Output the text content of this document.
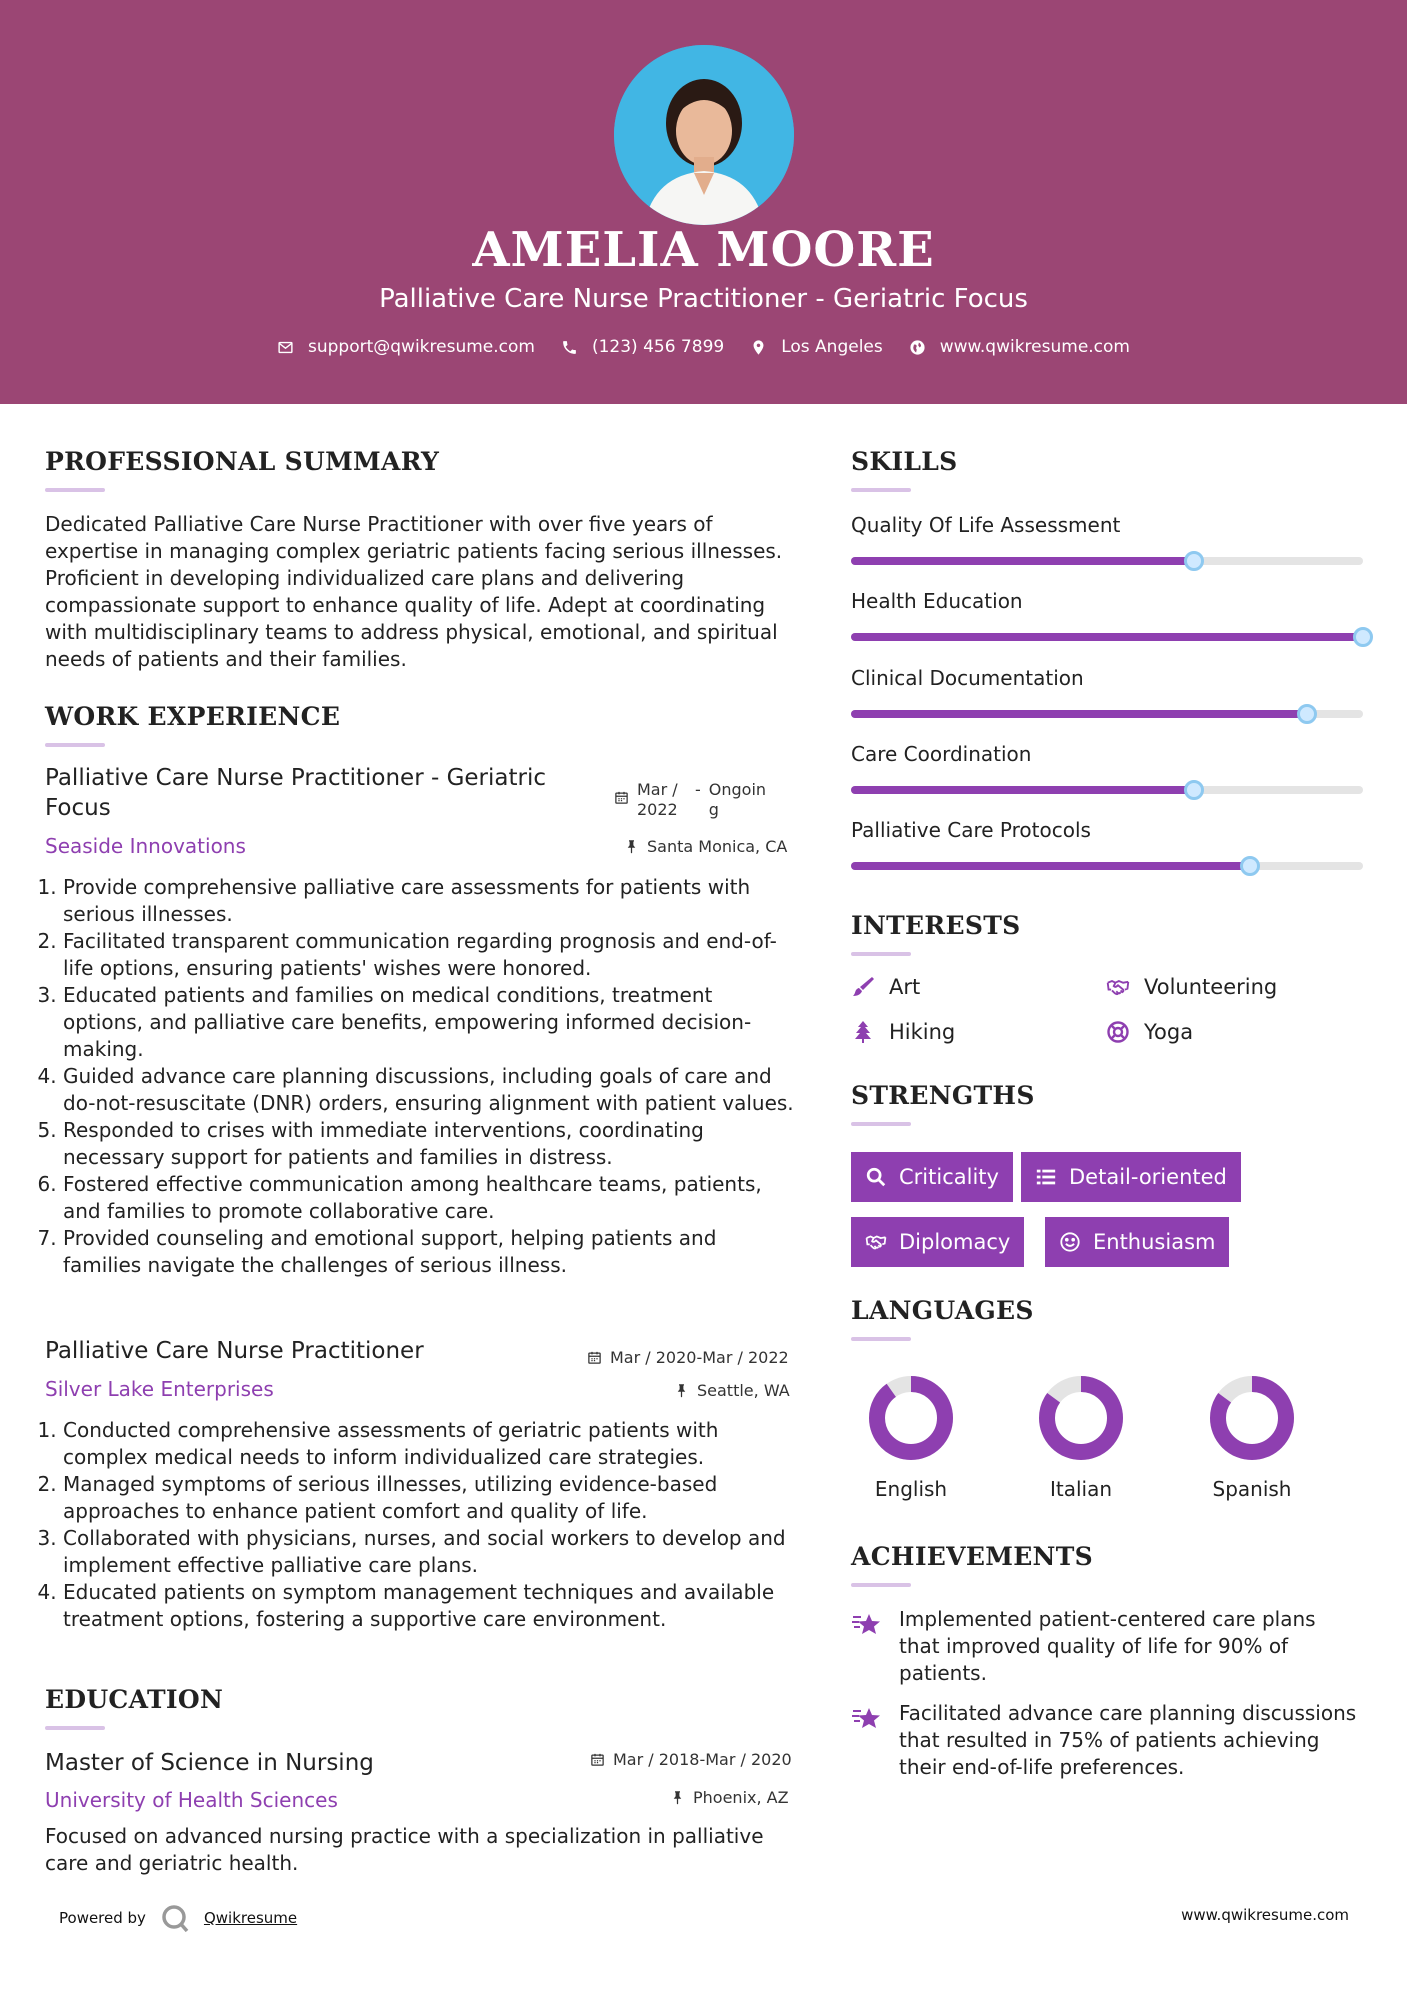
AMELIA MOORE
Palliative Care Nurse Practitioner - Geriatric Focus
support@qwikresume.com	(123) 456 7899	Los Angeles	www.qwikresume.com
PROFESSIONAL SUMMARY
Dedicated Palliative Care Nurse Practitioner with over five years of expertise in managing complex geriatric patients facing serious illnesses. Proficient in developing individualized care plans and delivering compassionate support to enhance quality of life. Adept at coordinating with multidisciplinary teams to address physical, emotional, and spiritual needs of patients and their families.
WORK EXPERIENCE
Palliative Care Nurse Practitioner - Geriatric Focus
Mar / 2022
- Ongoing
Seaside Innovations	Santa Monica, CA
1. Provide comprehensive palliative care assessments for patients with serious illnesses.
2. Facilitated transparent communication regarding prognosis and end-of-life options, ensuring patients' wishes were honored.
3. Educated patients and families on medical conditions, treatment options, and palliative care benefits, empowering informed decision-making.
4. Guided advance care planning discussions, including goals of care and do-not-resuscitate (DNR) orders, ensuring alignment with patient values.
5. Responded to crises with immediate interventions, coordinating necessary support for patients and families in distress.
6. Fostered effective communication among healthcare teams, patients, and families to promote collaborative care.
7. Provided counseling and emotional support, helping patients and families navigate the challenges of serious illness.
Palliative Care Nurse Practitioner	Mar / 2020-Mar / 2022
Silver Lake Enterprises	Seattle, WA
1. Conducted comprehensive assessments of geriatric patients with complex medical needs to inform individualized care strategies.
2. Managed symptoms of serious illnesses, utilizing evidence-based approaches to enhance patient comfort and quality of life.
3. Collaborated with physicians, nurses, and social workers to develop and implement effective palliative care plans.
4. Educated patients on symptom management techniques and available treatment options, fostering a supportive care environment.
EDUCATION
Master of Science in Nursing	Mar / 2018-Mar / 2020
University of Health Sciences	Phoenix, AZ
Focused on advanced nursing practice with a specialization in palliative care and geriatric health.
SKILLS
Quality Of Life Assessment
Health Education
Clinical Documentation
Care Coordination
Palliative Care Protocols
INTERESTS
Art	Volunteering
Hiking	Yoga
STRENGTHS
Criticality	Detail-oriented
Diplomacy	Enthusiasm
LANGUAGES
English	Italian	Spanish
ACHIEVEMENTS
Implemented patient-centered care plans that improved quality of life for 90% of patients.
Facilitated advance care planning discussions that resulted in 75% of patients achieving their end-of-life preferences.
Powered by	Qwikresume	www.qwikresume.com
